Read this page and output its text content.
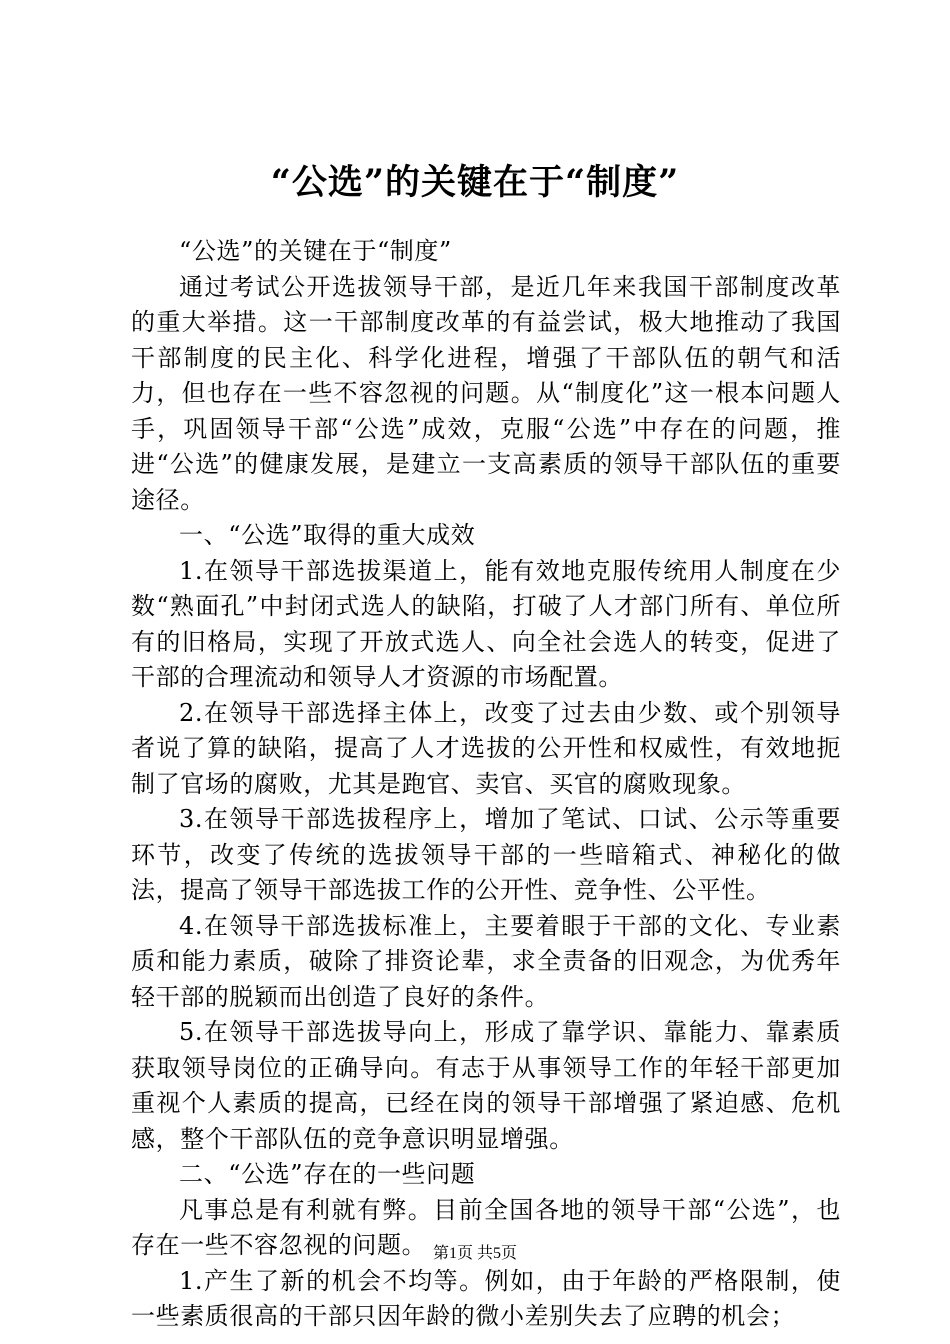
“公选”的关键在于“制度”

“公选”的关键在于“制度”

通过考试公开选拔领导干部，是近几年来我国干部制度改革的重大举措。这一干部制度改革的有益尝试，极大地推动了我国干部制度的民主化、科学化进程，增强了干部队伍的朝气和活力，但也存在一些不容忽视的问题。从“制度化”这一根本问题人手，巩固领导干部“公选”成效，克服“公选”中存在的问题，推进“公选”的健康发展，是建立一支高素质的领导干部队伍的重要途径。

一、“公选”取得的重大成效

1.在领导干部选拔渠道上，能有效地克服传统用人制度在少数“熟面孔”中封闭式选人的缺陷，打破了人才部门所有、单位所有的旧格局，实现了开放式选人、向全社会选人的转变，促进了干部的合理流动和领导人才资源的市场配置。

2.在领导干部选择主体上，改变了过去由少数、或个别领导者说了算的缺陷，提高了人才选拔的公开性和权威性，有效地扼制了官场的腐败，尤其是跑官、卖官、买官的腐败现象。

3.在领导干部选拔程序上，增加了笔试、口试、公示等重要环节，改变了传统的选拔领导干部的一些暗箱式、神秘化的做法，提高了领导干部选拔工作的公开性、竞争性、公平性。

4.在领导干部选拔标准上，主要着眼于干部的文化、专业素质和能力素质，破除了排资论辈，求全责备的旧观念，为优秀年轻干部的脱颖而出创造了良好的条件。

5.在领导干部选拔导向上，形成了靠学识、靠能力、靠素质获取领导岗位的正确导向。有志于从事领导工作的年轻干部更加重视个人素质的提高，已经在岗的领导干部增强了紧迫感、危机感，整个干部队伍的竞争意识明显增强。

二、“公选”存在的一些问题

凡事总是有利就有弊。目前全国各地的领导干部“公选”，也存在一些不容忽视的问题。

1.产生了新的机会不均等。例如，由于年龄的严格限制，使一些素质很高的干部只因年龄的微小差别失去了应聘的机会；

第1页 共5页
